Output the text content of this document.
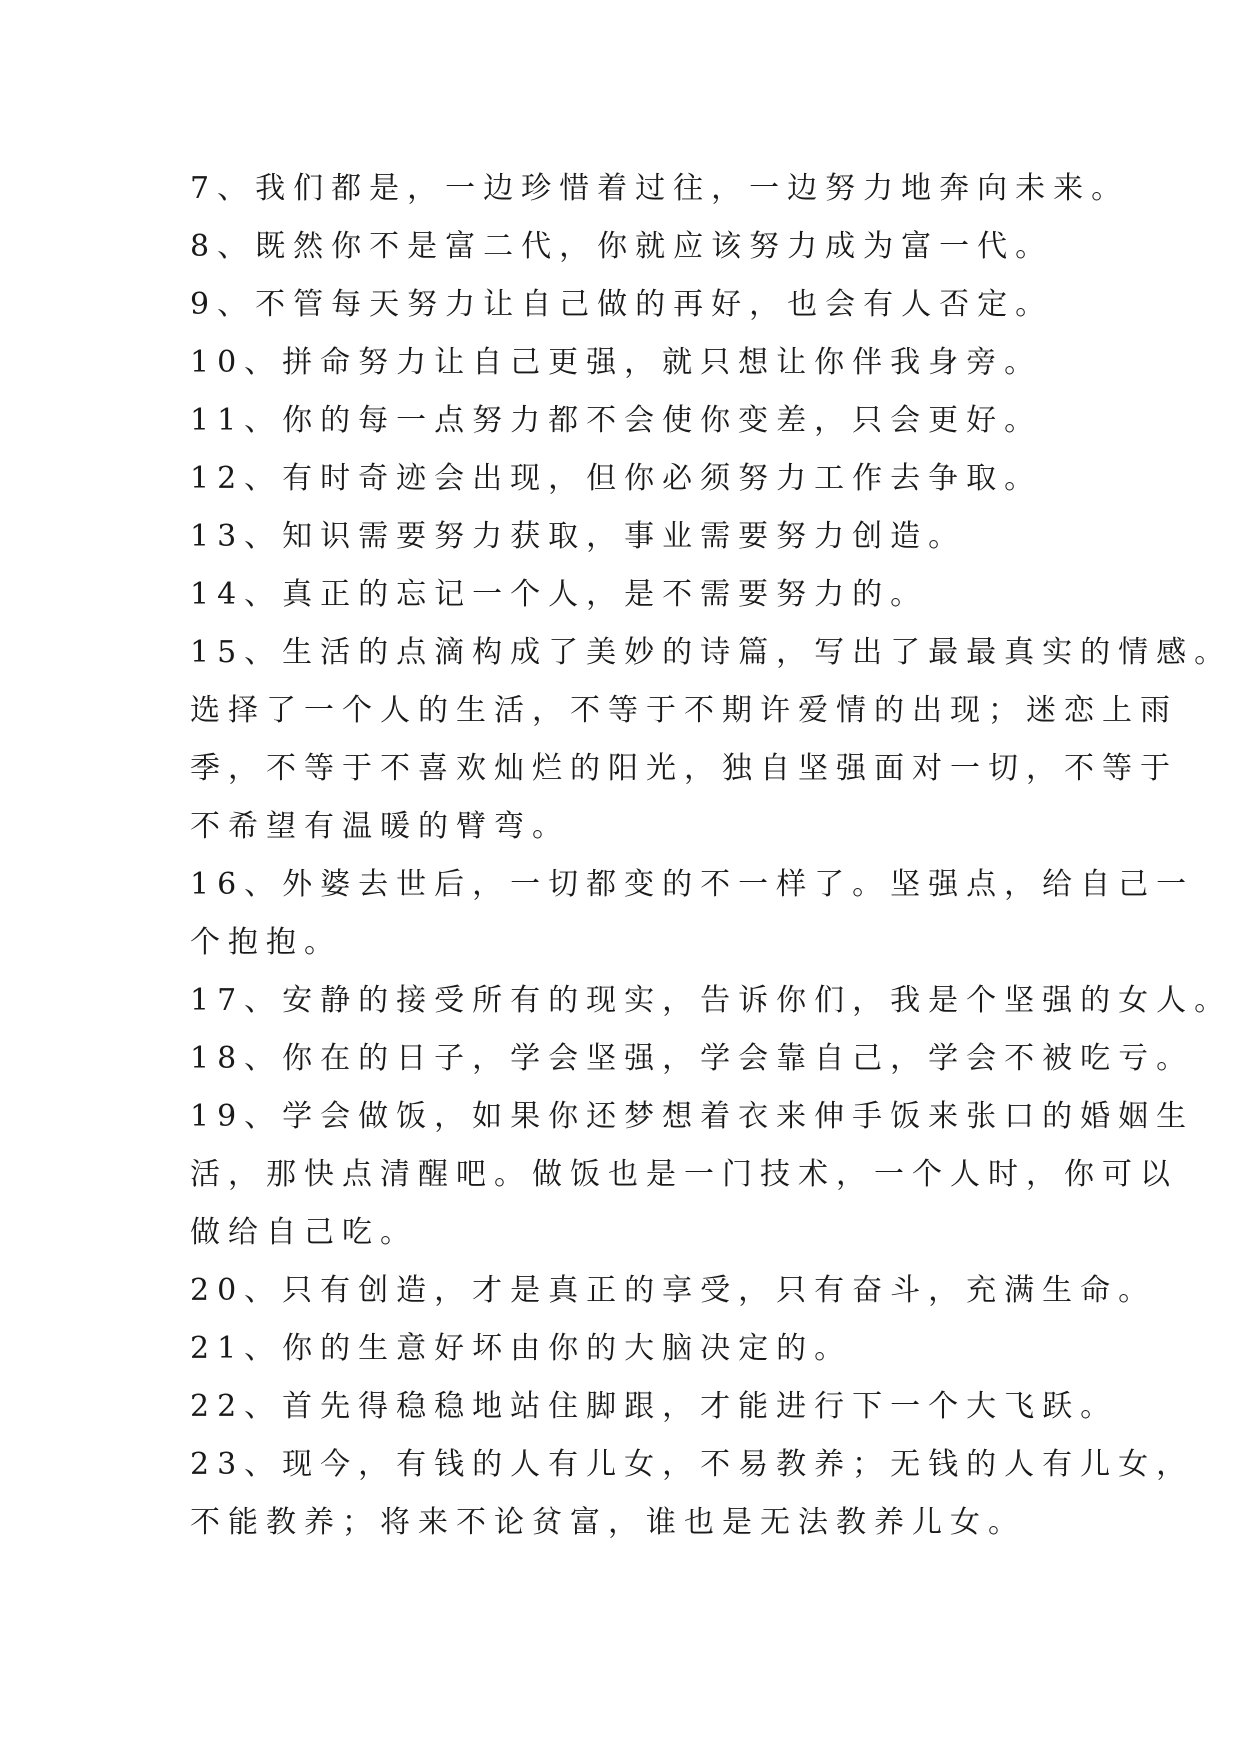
7、我们都是，一边珍惜着过往，一边努力地奔向未来。
8、既然你不是富二代，你就应该努力成为富一代。
9、不管每天努力让自己做的再好，也会有人否定。
10、拼命努力让自己更强，就只想让你伴我身旁。
11、你的每一点努力都不会使你变差，只会更好。
12、有时奇迹会出现，但你必须努力工作去争取。
13、知识需要努力获取，事业需要努力创造。
14、真正的忘记一个人，是不需要努力的。
15、生活的点滴构成了美妙的诗篇，写出了最最真实的情感。
选择了一个人的生活，不等于不期许爱情的出现；迷恋上雨
季，不等于不喜欢灿烂的阳光，独自坚强面对一切，不等于
不希望有温暖的臂弯。
16、外婆去世后，一切都变的不一样了。坚强点，给自己一
个抱抱。
17、安静的接受所有的现实，告诉你们，我是个坚强的女人。
18、你在的日子，学会坚强，学会靠自己，学会不被吃亏。
19、学会做饭，如果你还梦想着衣来伸手饭来张口的婚姻生
活，那快点清醒吧。做饭也是一门技术，一个人时，你可以
做给自己吃。
20、只有创造，才是真正的享受，只有奋斗，充满生命。
21、你的生意好坏由你的大脑决定的。
22、首先得稳稳地站住脚跟，才能进行下一个大飞跃。
23、现今，有钱的人有儿女，不易教养；无钱的人有儿女，
不能教养；将来不论贫富，谁也是无法教养儿女。
